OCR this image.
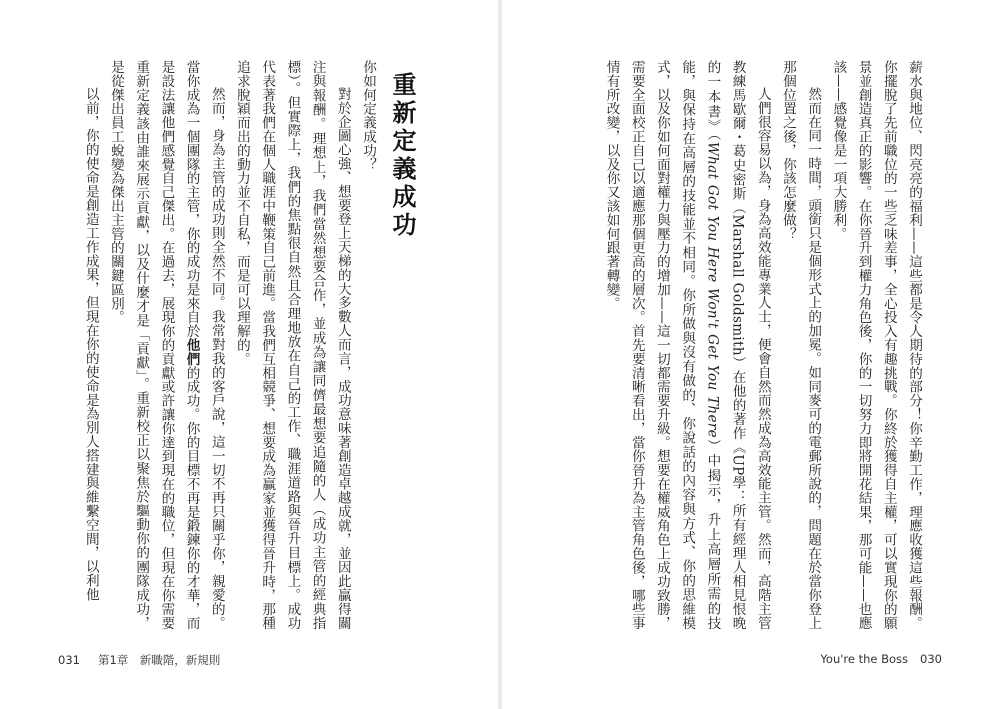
重新定義成功

你如何定義成功？

對於企圖心強、想要登上天梯的大多數人而言，成功意味著創造卓越成就，並因此贏得關注與報酬。理想上，我們當然想要合作，並成為讓同儕最想要追隨的人（成功主管的經典指標）。但實際上，我們的焦點很自然且合理地放在自己的工作、職涯道路與晉升目標上。成功代表著我們在個人職涯中鞭策自己前進。當我們互相競爭、想要成為贏家並獲得晉升時，那種追求脫穎而出的動力並不自私，而是可以理解的。

然而，身為主管的成功則全然不同。我常對我的客戶說，這一切不再只關乎你，親愛的。當你成為一個團隊的主管，你的成功是來自於他們的成功。你的目標不再是鍛鍊你的才華，而是設法讓他們感覺自己傑出。在過去，展現你的貢獻或許讓你達到現在的職位，但現在你需要重新定義該由誰來展示貢獻，以及什麼才是「貢獻」。重新校正以聚焦於驅動你的團隊成功，是從傑出員工蛻變為傑出主管的關鍵區別。

以前，你的使命是創造工作成果，但現在你的使命是為別人搭建與維繫空間，以利他

031 第1章　新職階，新規則

薪水與地位、閃亮亮的福利——這些都是令人期待的部分！你辛勤工作，理應收獲這些報酬。你擺脫了先前職位的一些乏味差事，全心投入有趣挑戰。你終於獲得自主權，可以實現你的願景並創造真正的影響。在你晉升到權力角色後，你的一切努力即將開花結果，那可能——也應該——感覺像是一項大勝利。

然而在同一時間，頭銜只是個形式上的加冕。如同麥可的電郵所說的，問題在於當你登上那個位置之後，你該怎麼做？

人們很容易以為，身為高效能專業人士，便會自然而然成為高效能主管。然而，高階主管教練馬歇爾・葛史密斯（Marshall Goldsmith）在他的著作《UP學：所有經理人相見恨晚的一本書》（What Got You Here Won't Get You There）中揭示，升上高層所需的技能，與保持在高層的技能並不相同。你所做與沒有做的、你說話的內容與方式、你的思維模式，以及你如何面對權力與壓力的增加——這一切都需要升級。想要在權威角色上成功致勝，需要全面校正自己以適應那個更高的層次。首先要清晰看出，當你晉升為主管角色後，哪些事情有所改變，以及你又該如何跟著轉變。

You're the Boss 030
